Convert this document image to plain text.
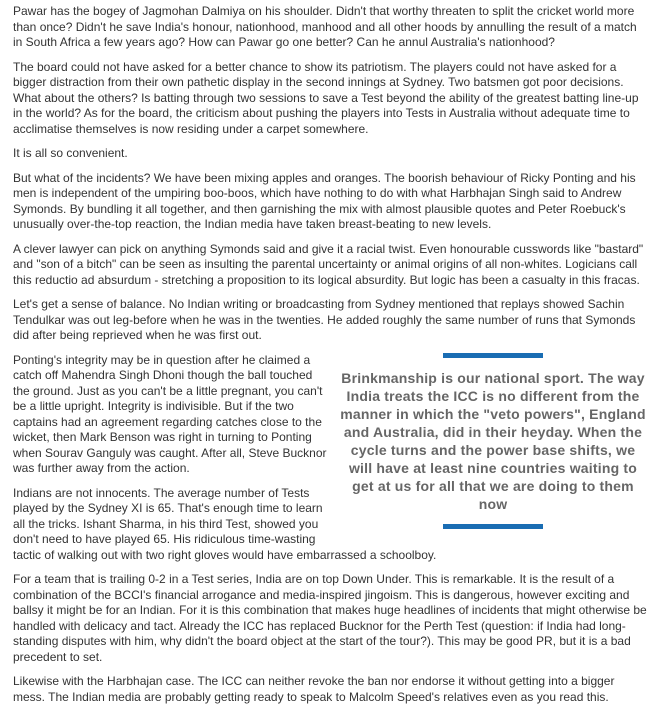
Pawar has the bogey of Jagmohan Dalmiya on his shoulder. Didn't that worthy threaten to split the cricket world more than once? Didn't he save India's honour, nationhood, manhood and all other hoods by annulling the result of a match in South Africa a few years ago? How can Pawar go one better? Can he annul Australia's nationhood?

The board could not have asked for a better chance to show its patriotism. The players could not have asked for a bigger distraction from their own pathetic display in the second innings at Sydney. Two batsmen got poor decisions. What about the others? Is batting through two sessions to save a Test beyond the ability of the greatest batting line-up in the world? As for the board, the criticism about pushing the players into Tests in Australia without adequate time to acclimatise themselves is now residing under a carpet somewhere.

It is all so convenient.

But what of the incidents? We have been mixing apples and oranges. The boorish behaviour of Ricky Ponting and his men is independent of the umpiring boo-boos, which have nothing to do with what Harbhajan Singh said to Andrew Symonds. By bundling it all together, and then garnishing the mix with almost plausible quotes and Peter Roebuck's unusually over-the-top reaction, the Indian media have taken breast-beating to new levels.

A clever lawyer can pick on anything Symonds said and give it a racial twist. Even honourable cusswords like "bastard" and "son of a bitch" can be seen as insulting the parental uncertainty or animal origins of all non-whites. Logicians call this reductio ad absurdum - stretching a proposition to its logical absurdity. But logic has been a casualty in this fracas.

Let's get a sense of balance. No Indian writing or broadcasting from Sydney mentioned that replays showed Sachin Tendulkar was out leg-before when he was in the twenties. He added roughly the same number of runs that Symonds did after being reprieved when he was first out.

Brinkmanship is our national sport. The way India treats the ICC is no different from the manner in which the "veto powers", England and Australia, did in their heyday. When the cycle turns and the power base shifts, we will have at least nine countries waiting to get at us for all that we are doing to them now

Ponting's integrity may be in question after he claimed a catch off Mahendra Singh Dhoni though the ball touched the ground. Just as you can't be a little pregnant, you can't be a little upright. Integrity is indivisible. But if the two captains had an agreement regarding catches close to the wicket, then Mark Benson was right in turning to Ponting when Sourav Ganguly was caught. After all, Steve Bucknor was further away from the action.

Indians are not innocents. The average number of Tests played by the Sydney XI is 65. That's enough time to learn all the tricks. Ishant Sharma, in his third Test, showed you don't need to have played 65. His ridiculous time-wasting tactic of walking out with two right gloves would have embarrassed a schoolboy.

For a team that is trailing 0-2 in a Test series, India are on top Down Under. This is remarkable. It is the result of a combination of the BCCI's financial arrogance and media-inspired jingoism. This is dangerous, however exciting and ballsy it might be for an Indian. For it is this combination that makes huge headlines of incidents that might otherwise be handled with delicacy and tact. Already the ICC has replaced Bucknor for the Perth Test (question: if India had long-standing disputes with him, why didn't the board object at the start of the tour?). This may be good PR, but it is a bad precedent to set.

Likewise with the Harbhajan case. The ICC can neither revoke the ban nor endorse it without getting into a bigger mess. The Indian media are probably getting ready to speak to Malcolm Speed's relatives even as you read this.
